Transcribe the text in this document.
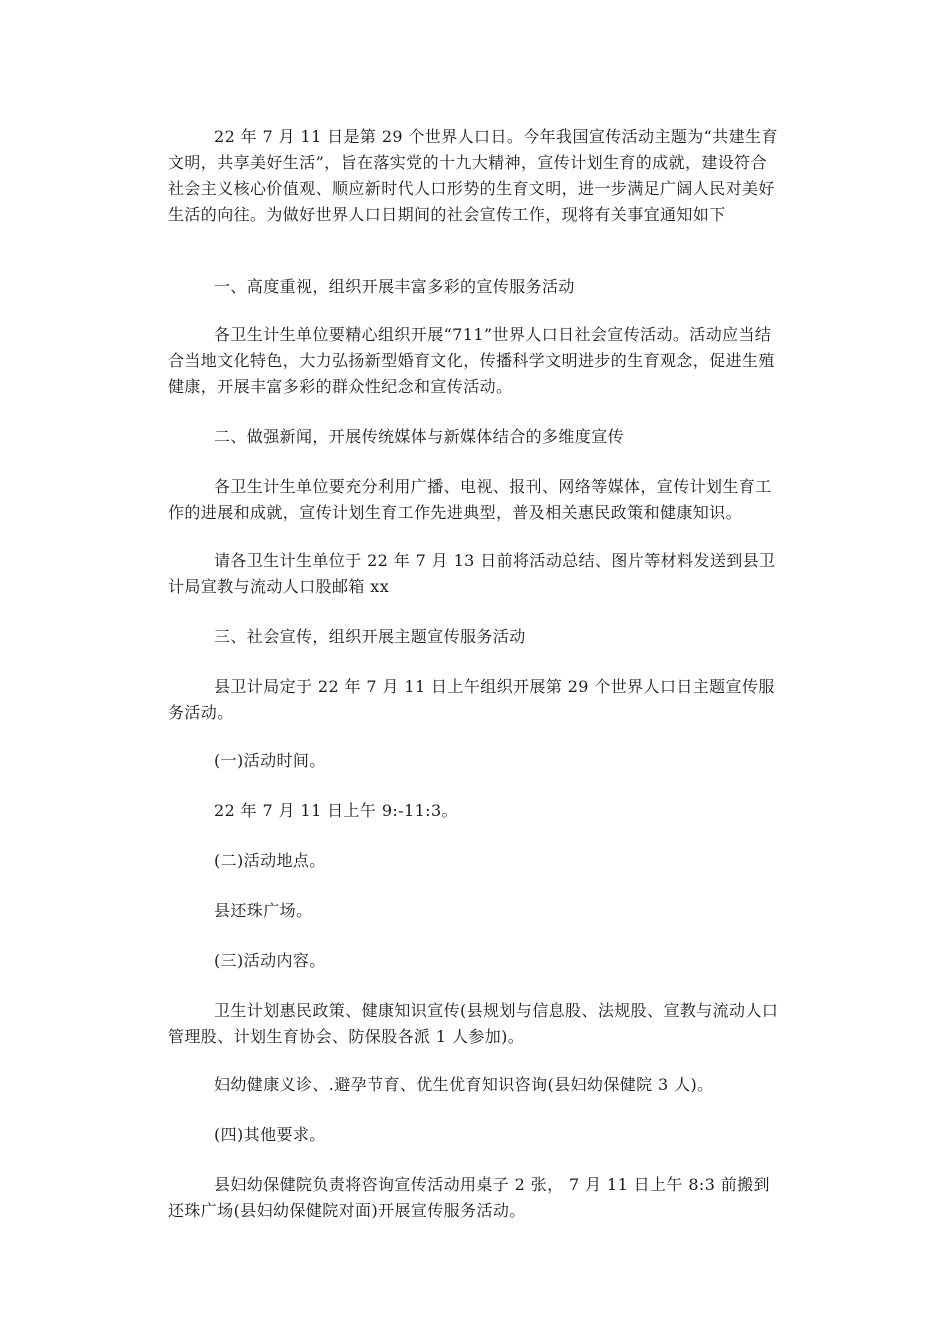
22 年 7 月 11 日是第 29 个世界人口日。今年我国宣传活动主题为“共建生育文明，共享美好生活”，旨在落实党的十九大精神，宣传计划生育的成就，建设符合社会主义核心价值观、顺应新时代人口形势的生育文明，进一步满足广阔人民对美好生活的向往。为做好世界人口日期间的社会宣传工作，现将有关事宜通知如下

一、高度重视，组织开展丰富多彩的宣传服务活动

各卫生计生单位要精心组织开展“711”世界人口日社会宣传活动。活动应当结合当地文化特色，大力弘扬新型婚育文化，传播科学文明进步的生育观念，促进生殖健康，开展丰富多彩的群众性纪念和宣传活动。

二、做强新闻，开展传统媒体与新媒体结合的多维度宣传

各卫生计生单位要充分利用广播、电视、报刊、网络等媒体，宣传计划生育工作的进展和成就，宣传计划生育工作先进典型，普及相关惠民政策和健康知识。

请各卫生计生单位于 22 年 7 月 13 日前将活动总结、图片等材料发送到县卫计局宣教与流动人口股邮箱 xx

三、社会宣传，组织开展主题宣传服务活动

县卫计局定于 22 年 7 月 11 日上午组织开展第 29 个世界人口日主题宣传服务活动。

(一)活动时间。

22 年 7 月 11 日上午 9:-11:3。

(二)活动地点。

县还珠广场。

(三)活动内容。

卫生计划惠民政策、健康知识宣传(县规划与信息股、法规股、宣教与流动人口管理股、计划生育协会、防保股各派 1 人参加)。

妇幼健康义诊、.避孕节育、优生优育知识咨询(县妇幼保健院 3 人)。

(四)其他要求。

县妇幼保健院负责将咨询宣传活动用桌子 2 张， 7 月 11 日上午 8:3 前搬到还珠广场(县妇幼保健院对面)开展宣传服务活动。
